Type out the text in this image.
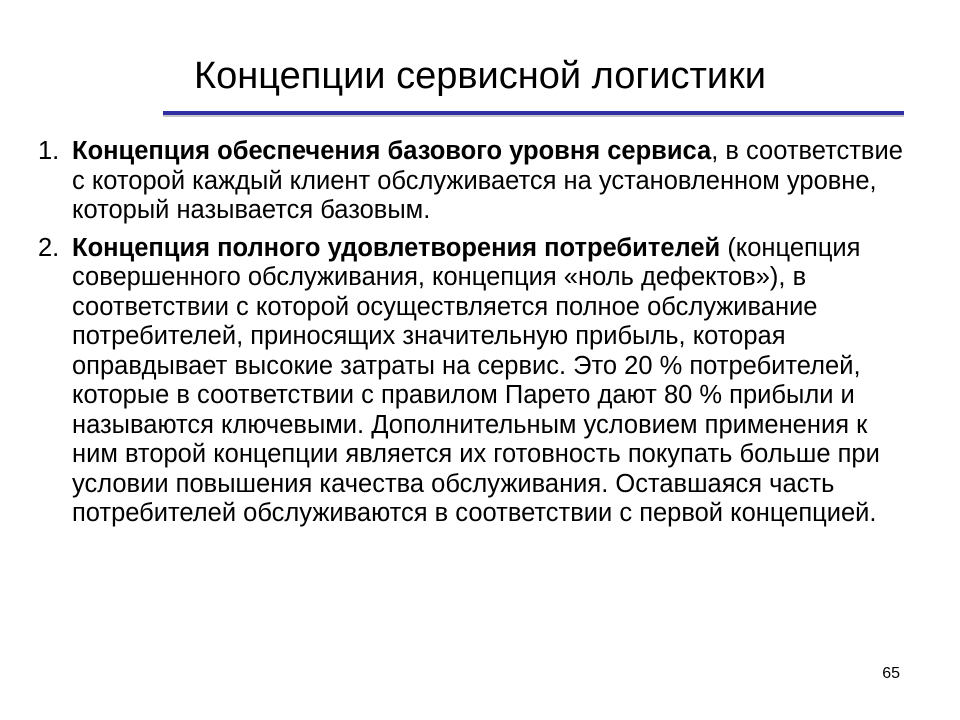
Концепции сервисной логистики
1. Концепция обеспечения базового уровня сервиса, в соответствие с которой каждый клиент обслуживается на установленном уровне, который называется базовым.
2. Концепция полного удовлетворения потребителей (концепция совершенного обслуживания, концепция «ноль дефектов»), в соответствии с которой осуществляется полное обслуживание потребителей, приносящих значительную прибыль, которая оправдывает высокие затраты на сервис. Это 20 % потребителей, которые в соответствии с правилом Парето дают 80 % прибыли и называются ключевыми. Дополнительным условием применения к ним второй концепции является их готовность покупать больше при условии повышения качества обслуживания. Оставшаяся часть потребителей обслуживаются в соответствии с первой концепцией.
65
